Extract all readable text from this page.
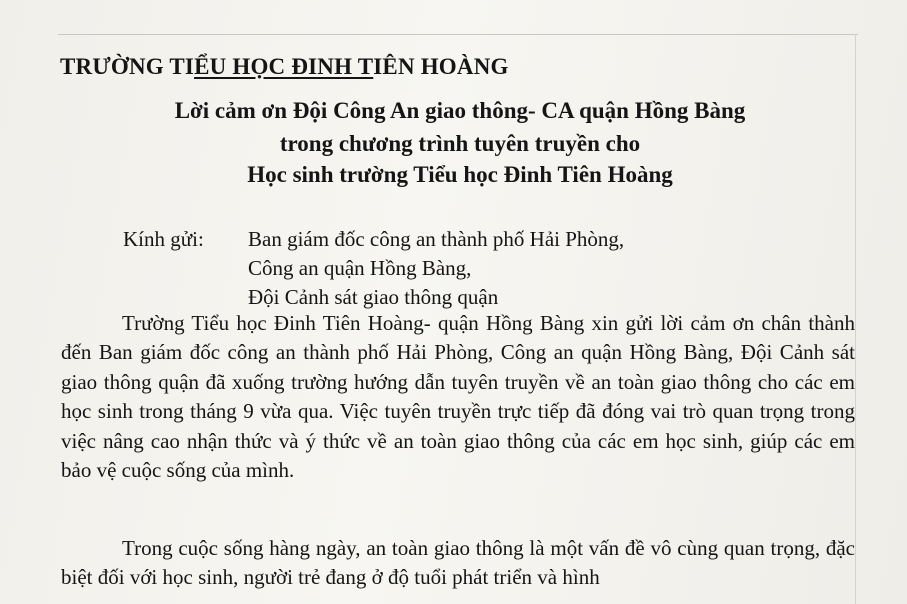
TRƯỜNG TIỂU HỌC ĐINH TIÊN HOÀNG
Lời cảm ơn Đội Công An giao thông- CA quận Hồng Bàng
trong chương trình tuyên truyền cho
Học sinh trường Tiểu học Đinh Tiên Hoàng
Kính gửi: Ban giám đốc công an thành phố Hải Phòng,
Công an quận Hồng Bàng,
Đội Cảnh sát giao thông quận
Trường Tiểu học Đinh Tiên Hoàng- quận Hồng Bàng xin gửi lời cảm ơn chân thành đến Ban giám đốc công an thành phố Hải Phòng, Công an quận Hồng Bàng, Đội Cảnh sát giao thông quận đã xuống trường hướng dẫn tuyên truyền về an toàn giao thông cho các em học sinh trong tháng 9 vừa qua. Việc tuyên truyền trực tiếp đã đóng vai trò quan trọng trong việc nâng cao nhận thức và ý thức về an toàn giao thông của các em học sinh, giúp các em bảo vệ cuộc sống của mình.
Trong cuộc sống hàng ngày, an toàn giao thông là một vấn đề vô cùng quan trọng, đặc biệt đối với học sinh, người trẻ đang ở độ tuổi phát triển và hình
